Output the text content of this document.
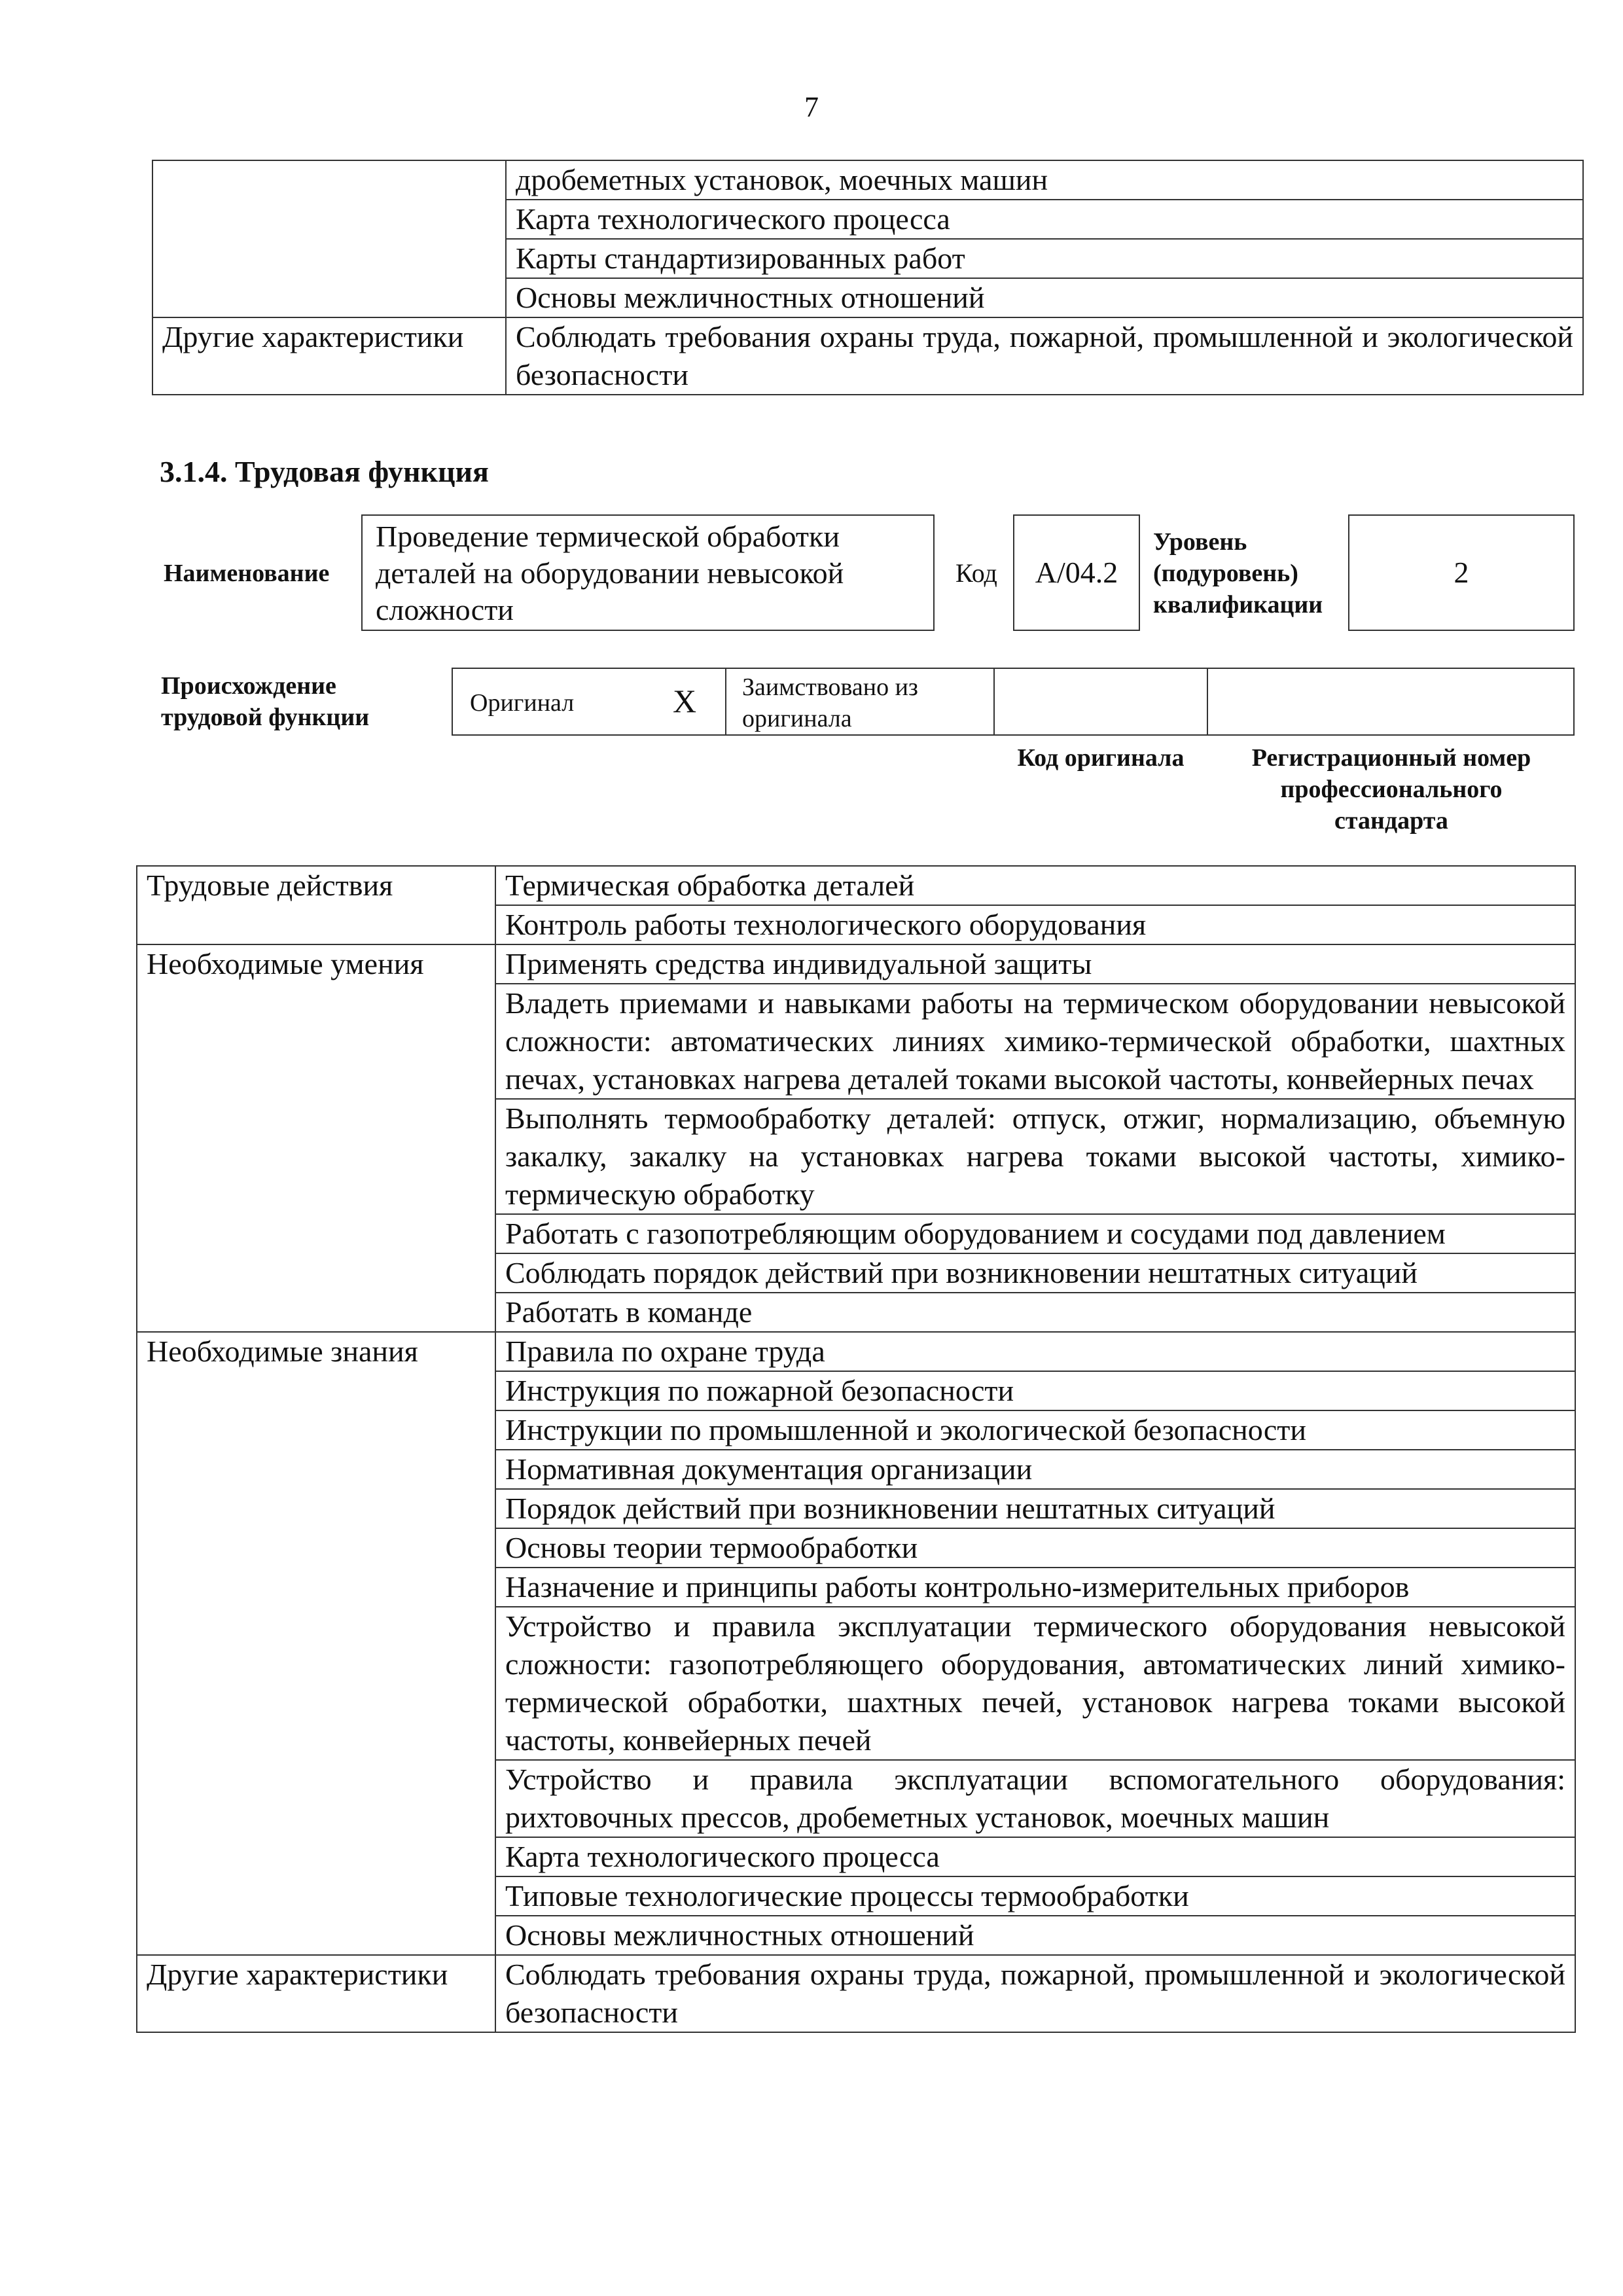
7
	дробеметных установок, моечных машин
	Карта технологического процесса
	Карты стандартизированных работ
	Основы межличностных отношений
Другие характеристики	Соблюдать требования охраны труда, пожарной, промышленной и экологической безопасности
3.1.4. Трудовая функция
Наименование
Проведение термической обработки деталей на оборудовании невысокой сложности
Код	A/04.2
Уровень (подуровень) квалификации
2
Происхождение трудовой функции
Оригинал	X	Заимствовано из оригинала
Код оригинала	Регистрационный номер профессионального стандарта
Трудовые действия	Термическая обработка деталей
	Контроль работы технологического оборудования
Необходимые умения	Применять средства индивидуальной защиты
	Владеть приемами и навыками работы на термическом оборудовании невысокой сложности: автоматических линиях химико-термической обработки, шахтных печах, установках нагрева деталей токами высокой частоты, конвейерных печах
	Выполнять термообработку деталей: отпуск, отжиг, нормализацию, объемную закалку, закалку на установках нагрева токами высокой частоты, химико-термическую обработку
	Работать с газопотребляющим оборудованием и сосудами под давлением
	Соблюдать порядок действий при возникновении нештатных ситуаций
	Работать в команде
Необходимые знания	Правила по охране труда
	Инструкция по пожарной безопасности
	Инструкции по промышленной и экологической безопасности
	Нормативная документация организации
	Порядок действий при возникновении нештатных ситуаций
	Основы теории термообработки
	Назначение и принципы работы контрольно-измерительных приборов
	Устройство и правила эксплуатации термического оборудования невысокой сложности: газопотребляющего оборудования, автоматических линий химико-термической обработки, шахтных печей, установок нагрева токами высокой частоты, конвейерных печей
	Устройство и правила эксплуатации вспомогательного оборудования: рихтовочных прессов, дробеметных установок, моечных машин
	Карта технологического процесса
	Типовые технологические процессы термообработки
	Основы межличностных отношений
Другие характеристики	Соблюдать требования охраны труда, пожарной, промышленной и экологической безопасности
